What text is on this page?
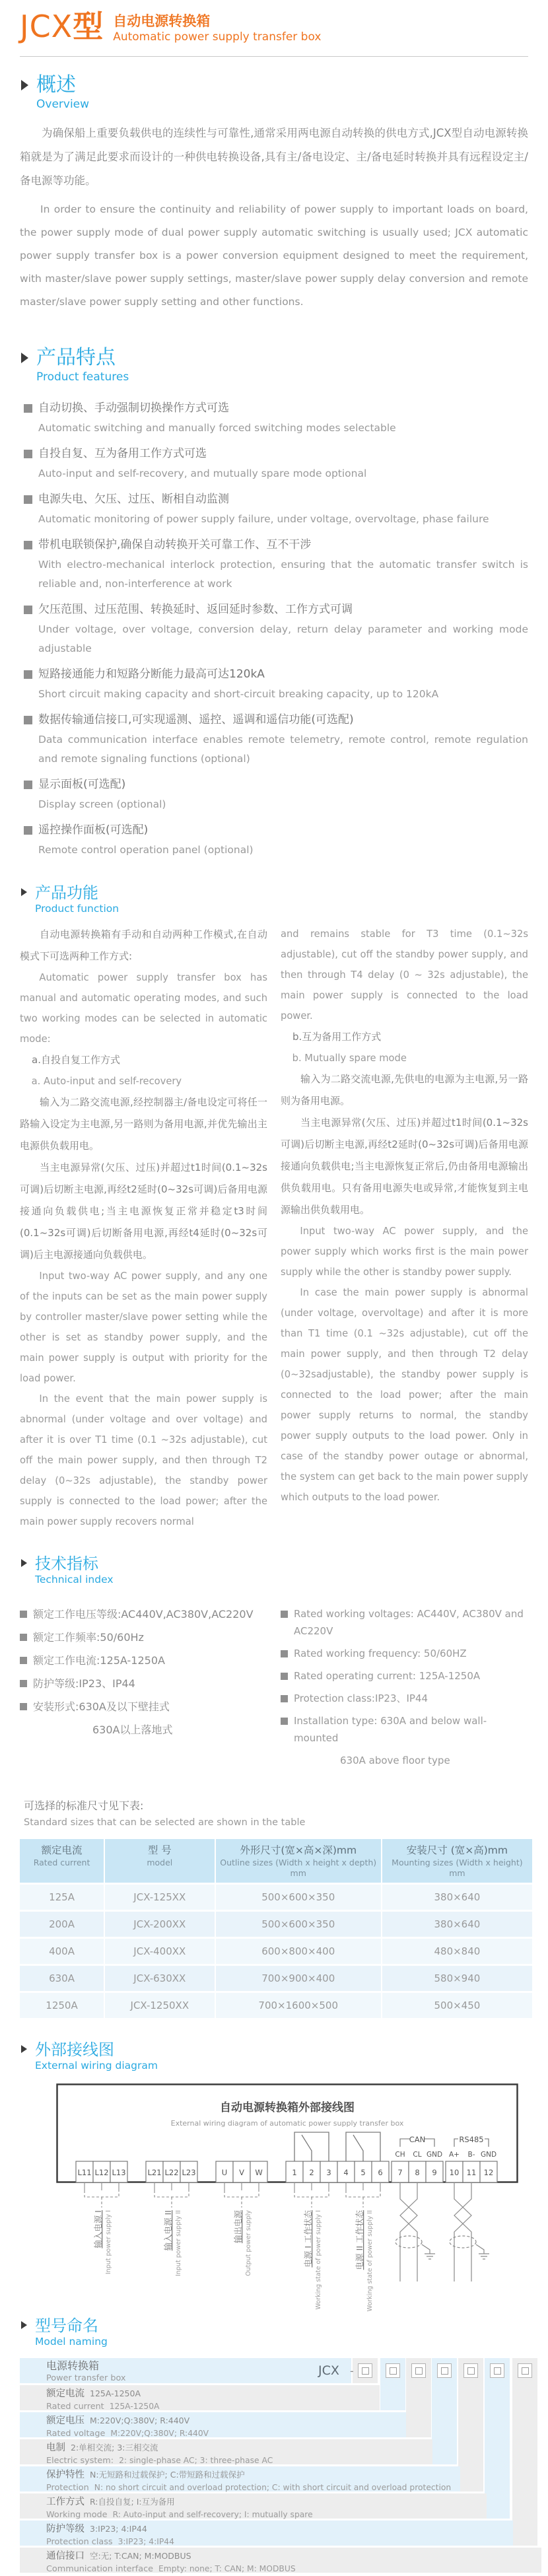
JCX型 自动电源转换箱
Automatic power supply transfer box
概述
Overview

为确保船上重要负载供电的连续性与可靠性,通常采用两电源自动转换的供电方式,JCX型自动电源转换箱就是为了满足此要求而设计的一种供电转换设备,具有主/备电设定、主/备电延时转换并具有远程设定主/备电源等功能。

In order to ensure the continuity and reliability of power supply to important loads on board, the power supply mode of dual power supply automatic switching is usually used; JCX automatic power supply transfer box is a power conversion equipment designed to meet the requirement, with master/slave power supply settings, master/slave power supply delay conversion and remote master/slave power supply setting and other functions.

产品特点
Product features
自动切换、手动强制切换操作方式可选
Automatic switching and manually forced switching modes selectable
自投自复、互为备用工作方式可选
Auto-input and self-recovery, and mutually spare mode optional
电源失电、欠压、过压、断相自动监测
Automatic monitoring of power supply failure, under voltage, overvoltage, phase failure
带机电联锁保护,确保自动转换开关可靠工作、互不干涉
With electro-mechanical interlock protection, ensuring that the automatic transfer switch is reliable and, non-interference at work
欠压范围、过压范围、转换延时、返回延时参数、工作方式可调
Under voltage, over voltage, conversion delay, return delay parameter and working mode adjustable
短路接通能力和短路分断能力最高可达120kA
Short circuit making capacity and short-circuit breaking capacity, up to 120kA
数据传输通信接口,可实现遥测、遥控、遥调和遥信功能(可选配)
Data communication interface enables remote telemetry, remote control, remote regulation and remote signaling functions (optional)
显示面板(可选配)
Display screen (optional)
遥控操作面板(可选配)
Remote control operation panel (optional)
产品功能
Product function

自动电源转换箱有手动和自动两种工作模式,在自动模式下可选两种工作方式:

Automatic power supply transfer box has manual and automatic operating modes, and such two working modes can be selected in automatic mode:

a.自投自复工作方式

a. Auto-input and self-recovery

输入为二路交流电源,经控制器主/备电设定可将任一路输入设定为主电源,另一路则为备用电源,并优先输出主电源供负载用电。

当主电源异常(欠压、过压)并超过t1时间(0.1~32s可调)后切断主电源,再经t2延时(0~32s可调)后备用电源接通向负载供电;当主电源恢复正常并稳定t3时间(0.1~32s可调)后切断备用电源,再经t4延时(0~32s可调)后主电源接通向负载供电。

Input two-way AC power supply, and any one of the inputs can be set as the main power supply by controller master/slave power setting while the other is set as standby power supply, and the main power supply is output with priority for the load power.

In the event that the main power supply is abnormal (under voltage and over voltage) and after it is over T1 time (0.1 ~32s adjustable), cut off the main power supply, and then through T2 delay (0~32s adjustable), the standby power supply is connected to the load power; after the main power supply recovers normal

and remains stable for T3 time (0.1~32s adjustable), cut off the standby power supply, and then through T4 delay (0 ~ 32s adjustable), the main power supply is connected to the load power.

b.互为备用工作方式

b. Mutually spare mode

输入为二路交流电源,先供电的电源为主电源,另一路则为备用电源。

当主电源异常(欠压、过压)并超过t1时间(0.1~32s可调)后切断主电源,再经t2延时(0~32s可调)后备用电源接通向负载供电;当主电源恢复正常后,仍由备用电源输出供负载用电。只有备用电源失电或异常,才能恢复到主电源输出供负载用电。

Input two-way AC power supply, and the power supply which works first is the main power supply while the other is standby power supply.

In case the main power supply is abnormal (under voltage, overvoltage) and after it is more than T1 time (0.1 ~32s adjustable), cut off the main power supply, and then through T2 delay (0~32sadjustable), the standby power supply is connected to the load power; after the main power supply returns to normal, the standby power supply outputs to the load power. Only in case of the standby power outage or abnormal, the system can get back to the main power supply which outputs to the load power.

技术指标
Technical index
额定工作电压等级:AC440V,AC380V,AC220V
额定工作频率:50/60Hz
额定工作电流:125A-1250A
防护等级:IP23、IP44
安装形式:630A及以下壁挂式

630A以上落地式

Rated working voltages: AC440V, AC380V and AC220V
Rated working frequency: 50/60HZ
Rated operating current: 125A-1250A
Protection class:IP23、IP44
Installation type: 630A and below wall-mounted

630A above floor type

可选择的标准尺寸见下表:
Standard sizes that can be selected are shown in the table
额定电流
Rated current
型 号
model
外形尺寸(宽×高×深)mm
Outline sizes (Width x height x depth) mm
安装尺寸 (宽×高)mm
Mounting sizes (Width x height) mm
125A	JCX-125XX	500×600×350	380×640
200A	JCX-200XX	500×600×350	380×640
400A	JCX-400XX	600×800×400	480×840
630A	JCX-630XX	700×900×400	580×940
1250A	JCX-1250XX	700×1600×500	500×450
外部接线图
External wiring diagram
自动电源转换箱外部接线图
External wiring diagram of automatic power supply transfer box
CAN	RS485
CH CL GND A+ B- GND
L11 L12 L13	L21 L22 L23	U V W	1 2 3 4 5 6 7 8 9 10 11 12
输入电源 I Input power supply I	输入电源 II Input power supply II	输出电源 Output power supply	电源 I 工作状态 Working state of power supply I	电源 II 工作状态 Working state of power supply II
型号命名
Model naming
电源转换箱
Power transfer box
额定电流 125A-1250A
Rated current 125A-1250A
额定电压 M:220V;Q:380V; R:440V
Rated voltage M:220V;Q:380V; R:440V
电制 2:单相交流; 3:三相交流
Electric system: 2: single-phase AC; 3: three-phase AC
保护特性 N:无短路和过载保护; C:带短路和过载保护
Protection N: no short circuit and overload protection; C: with short circuit and overload protection
工作方式 R:自投自复; I:互为备用
Working mode R: Auto-input and self-recovery; I: mutually spare
防护等级 3:IP23; 4:IP44
Protection class 3:IP23; 4:IP44
通信接口 空:无; T:CAN; M:MODBUS
Communication interface Empty: none; T: CAN; M: MODBUS
JCX -
